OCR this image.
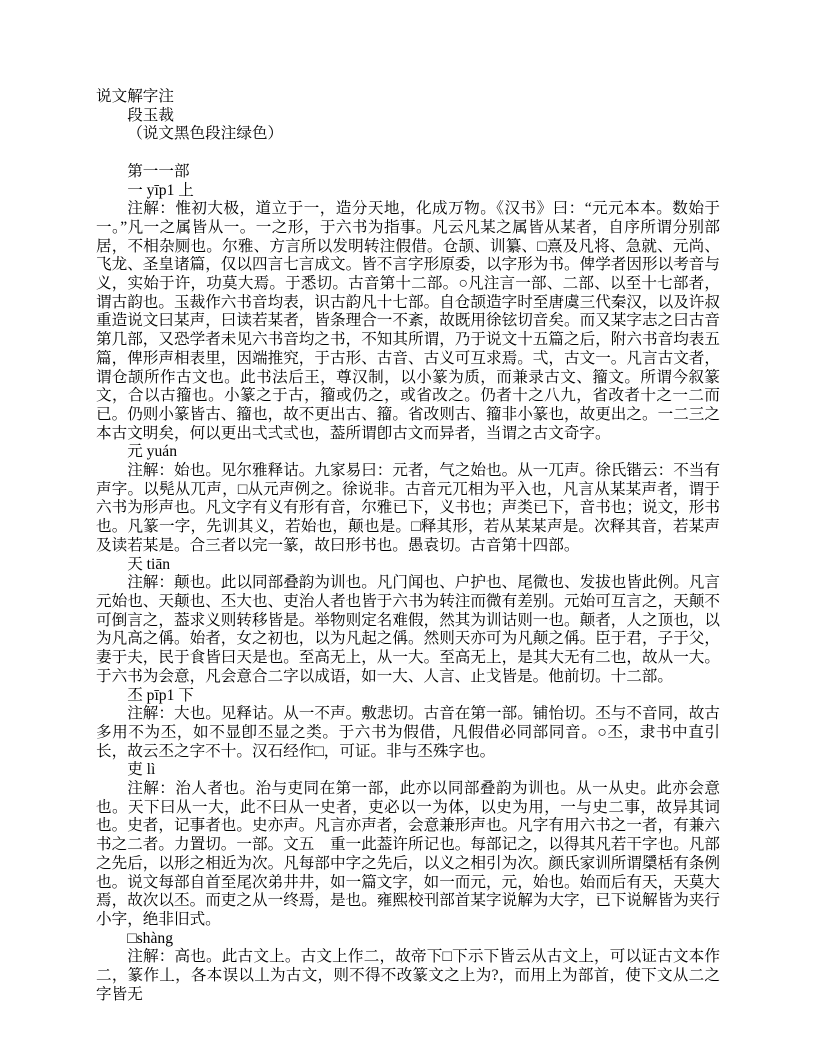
说文解字注

段玉裁

（说文黑色段注绿色）

第一一部

一 yīp1 上

注解：惟初大极，道立于一，造分天地，化成万物。《汉书》曰：“元元本本。数始于一。”凡一之属皆从一。一之形，于六书为指事。凡云凡某之属皆从某者，自序所谓分别部居，不相杂厕也。尔雅、方言所以发明转注假借。仓颉、训纂、□熹及凡将、急就、元尚、飞龙、圣皇诸篇，仅以四言七言成文。皆不言字形原委，以字形为书。俾学者因形以考音与义，实始于许，功莫大焉。于悉切。古音第十二部。○凡注言一部、二部、以至十七部者，谓古韵也。玉裁作六书音均表，识古韵凡十七部。自仓颉造字时至唐虞三代秦汉，以及许叔重造说文曰某声，曰读若某者，皆条理合一不紊，故既用徐铉切音矣。而又某字志之曰古音第几部，又恐学者未见六书音均之书，不知其所谓，乃于说文十五篇之后，附六书音均表五篇，俾形声相表里，因端推究，于古形、古音、古义可互求焉。弌，古文一。凡言古文者，谓仓颉所作古文也。此书法后王，尊汉制，以小篆为质，而兼录古文、籀文。所谓今叙篆文，合以古籀也。小篆之于古，籀或仍之，或省改之。仍者十之八九，省改者十之一二而已。仍则小篆皆古、籀也，故不更出古、籀。省改则古、籀非小篆也，故更出之。一二三之本古文明矣，何以更出弌弍弎也，葢所谓卽古文而异者，当谓之古文奇字。

元 yuán

注解：始也。见尔雅释诂。九家易曰：元者，气之始也。从一兀声。徐氏锴云：不当有声字。以髡从兀声，□从元声例之。徐说非。古音元兀相为平入也，凡言从某某声者，谓于六书为形声也。凡文字有义有形有音，尔雅已下，义书也；声类已下，音书也；说文，形书也。凡篆一字，先训其义，若始也，颠也是。□释其形，若从某某声是。次释其音，若某声及读若某是。合三者以完一篆，故曰形书也。愚袁切。古音第十四部。

天 tiān

注解：颠也。此以同部叠韵为训也。凡门闻也、户护也、尾微也、发拔也皆此例。凡言元始也、天颠也、丕大也、吏治人者也皆于六书为转注而微有差别。元始可互言之，天颠不可倒言之，葢求义则转移皆是。举物则定名难假，然其为训诂则一也。颠者，人之顶也，以为凡高之偁。始者，女之初也，以为凡起之偁。然则天亦可为凡颠之偁。臣于君，子于父，妻于夫，民于食皆曰天是也。至高无上，从一大。至高无上，是其大无有二也，故从一大。于六书为会意，凡会意合二字以成语，如一大、人言、止戈皆是。他前切。十二部。

丕 pīp1 下

注解：大也。见释诂。从一不声。敷悲切。古音在第一部。铺怡切。丕与不音同，故古多用不为丕，如不显卽丕显之类。于六书为假借，凡假借必同部同音。○丕，隶书中直引长，故云丕之字不十。汉石经作□，可证。非与丕殊字也。

吏 lì

注解：治人者也。治与吏同在第一部，此亦以同部叠韵为训也。从一从史。此亦会意也。天下曰从一大，此不曰从一史者，吏必以一为体，以史为用，一与史二事，故异其词也。史者，记事者也。史亦声。凡言亦声者，会意兼形声也。凡字有用六书之一者，有兼六书之二者。力置切。一部。文五　重一此葢许所记也。每部记之，以得其凡若干字也。凡部之先后，以形之相近为次。凡每部中字之先后，以义之相引为次。颜氏家训所谓檃栝有条例也。说文每部自首至尾次弟井井，如一篇文字，如一而元，元，始也。始而后有天，天莫大焉，故次以丕。而吏之从一终焉，是也。雍熙校刊部首某字说解为大字，已下说解皆为夹行小字，绝非旧式。

□shàng

注解：高也。此古文上。古文上作二，故帝下□下示下皆云从古文上，可以证古文本作二，篆作丄，各本误以丄为古文，则不得不改篆文之上为?，而用上为部首，使下文从二之字皆无
